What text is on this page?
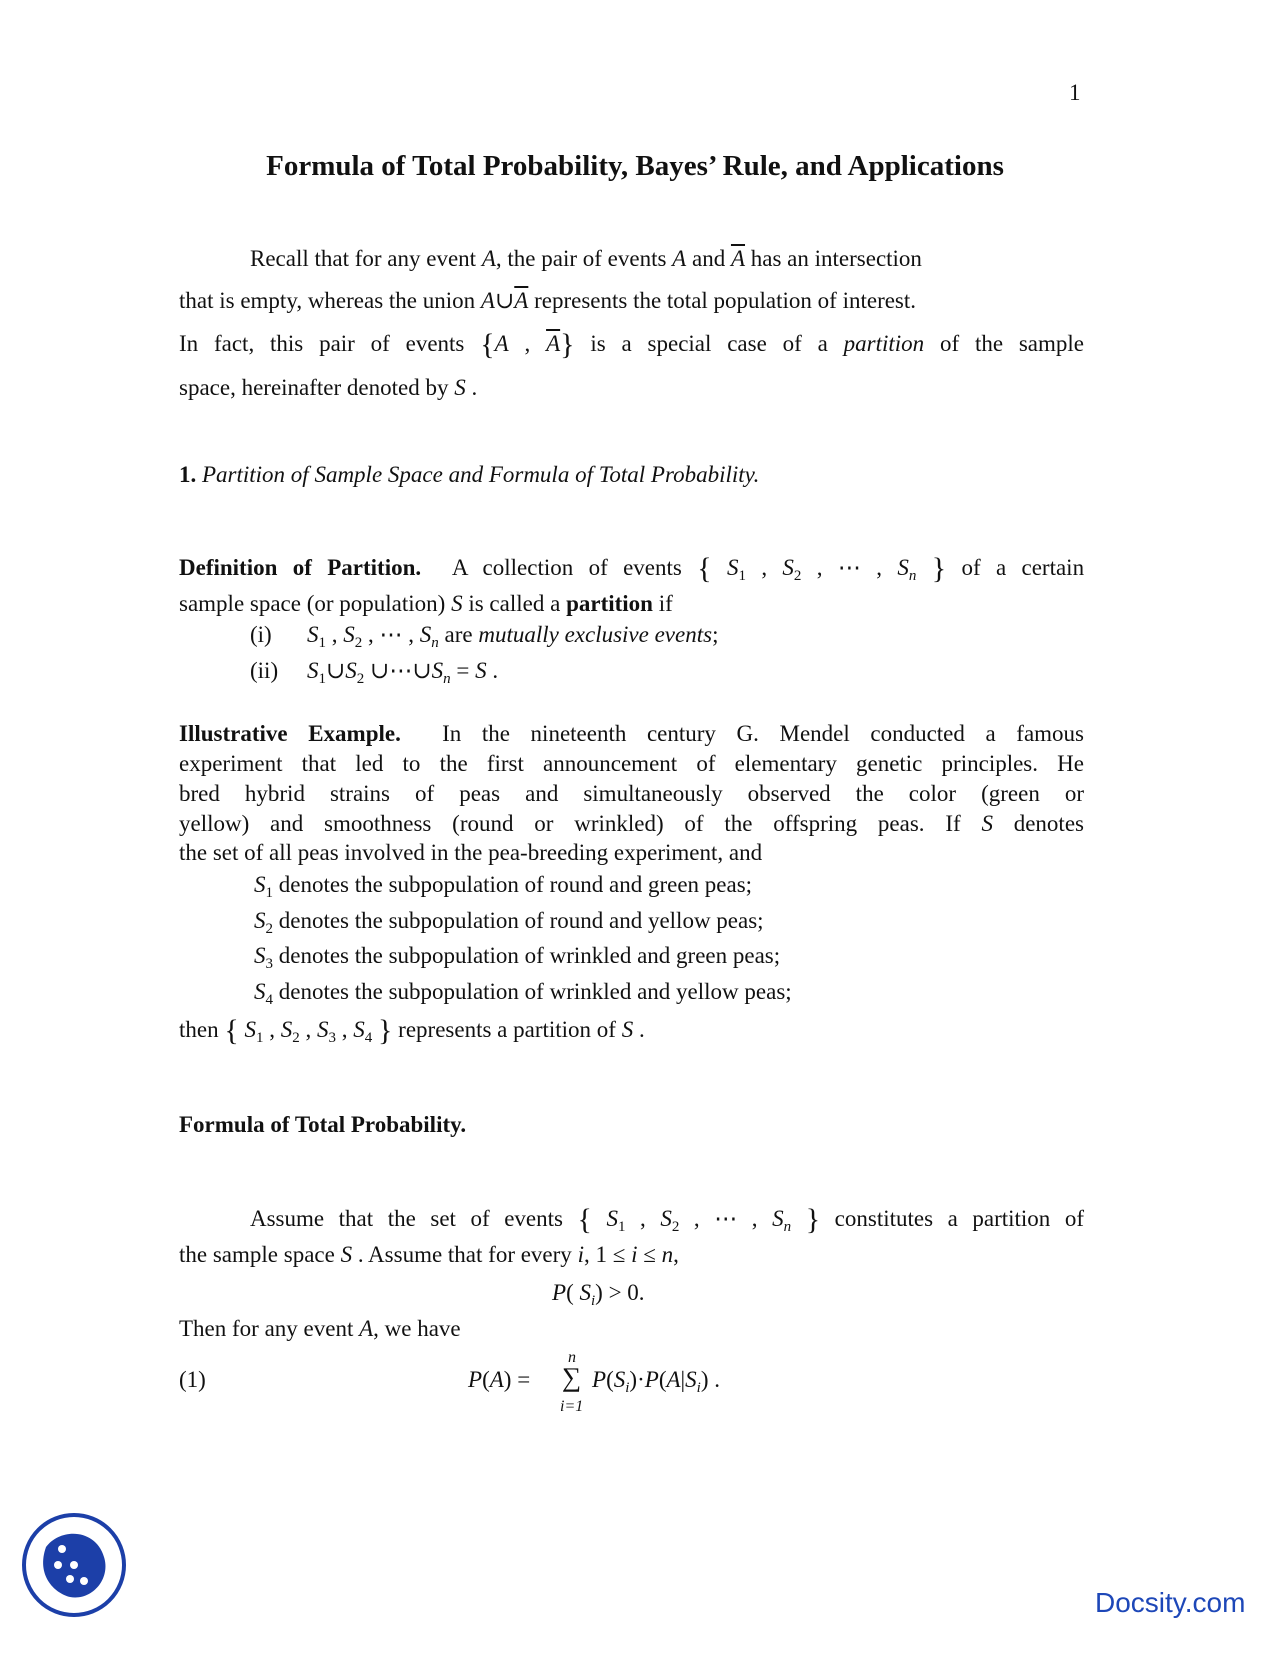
1
Formula of Total Probability, Bayes’ Rule, and Applications
Recall that for any event A, the pair of events A and $\overline{A}$ has an intersection
that is empty, whereas the union $A\cup\overline{A}$ represents the total population of interest.
In fact, this pair of events {A , $\overline{A}$} is a special case of a partition of the sample
space, hereinafter denoted by S .
1. Partition of Sample Space and Formula of Total Probability.
Definition of Partition. A collection of events { $S_1$ , $S_2$ , ⋯ , $S_n$ } of a certain
sample space (or population) S is called a partition if
(i) $S_1$ , $S_2$ , ⋯ , $S_n$ are mutually exclusive events;
(ii) $S_1\cup S_2$ $\cup\cdots\cup S_n = S$ .
Illustrative Example. In the nineteenth century G. Mendel conducted a famous
experiment that led to the first announcement of elementary genetic principles. He
bred hybrid strains of peas and simultaneously observed the color (green or
yellow) and smoothness (round or wrinkled) of the offspring peas. If S denotes
the set of all peas involved in the pea-breeding experiment, and
$S_1$ denotes the subpopulation of round and green peas;
$S_2$ denotes the subpopulation of round and yellow peas;
$S_3$ denotes the subpopulation of wrinkled and green peas;
$S_4$ denotes the subpopulation of wrinkled and yellow peas;
then { $S_1$ , $S_2$ , $S_3$ , $S_4$ } represents a partition of S .
Formula of Total Probability.
Assume that the set of events { $S_1$ , $S_2$ , ⋯ , $S_n$ } constitutes a partition of
the sample space S . Assume that for every i, 1 ≤ i ≤ n,
P( $S_i) > 0$.
Then for any event A, we have
(1)	P(A) =
n
∑
i=1
$P(S_i)\cdot P(A|S_i)$ .
Docsity.com
